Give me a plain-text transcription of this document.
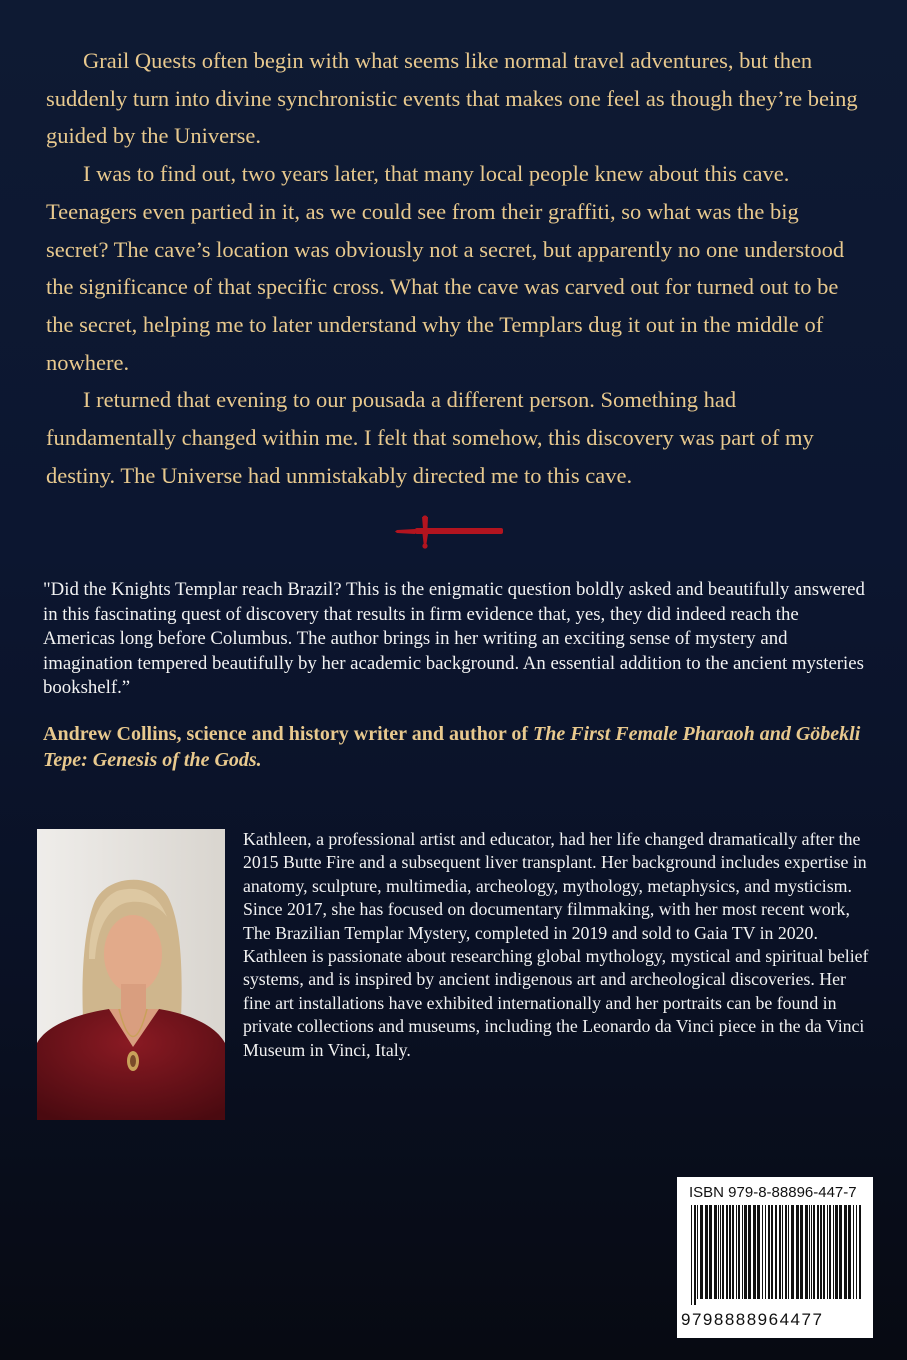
Grail Quests often begin with what seems like normal travel adventures, but then suddenly turn into divine synchronistic events that makes one feel as though they’re being guided by the Universe.

I was to find out, two years later, that many local people knew about this cave. Teenagers even partied in it, as we could see from their graffiti, so what was the big secret? The cave’s location was obviously not a secret, but apparently no one understood the significance of that specific cross. What the cave was carved out for turned out to be the secret, helping me to later understand why the Templars dug it out in the middle of nowhere.

I returned that evening to our pousada a different person. Something had fundamentally changed within me. I felt that somehow, this discovery was part of my destiny. The Universe had unmistakably directed me to this cave.

"Did the Knights Templar reach Brazil? This is the enigmatic question boldly asked and beautifully answered in this fascinating quest of discovery that results in firm evidence that, yes, they did indeed reach the Americas long before Columbus. The author brings in her writing an exciting sense of mystery and imagination tempered beautifully by her academic background. An essential addition to the ancient mysteries bookshelf.”

Andrew Collins, science and history writer and author of The First Female Pharaoh and Göbekli Tepe: Genesis of the Gods.

Kathleen, a professional artist and educator, had her life changed dramatically after the 2015 Butte Fire and a subsequent liver transplant. Her background includes expertise in anatomy, sculpture, multimedia, archeology, mythology, metaphysics, and mysticism. Since 2017, she has focused on documentary filmmaking, with her most recent work, The Brazilian Templar Mystery, completed in 2019 and sold to Gaia TV in 2020. Kathleen is passionate about researching global mythology, mystical and spiritual belief systems, and is inspired by ancient indigenous art and archeological discoveries. Her fine art installations have exhibited internationally and her portraits can be found in private collections and museums, including the Leonardo da Vinci piece in the da Vinci Museum in Vinci, Italy.

ISBN 979-8-88896-447-7
9798888964477
